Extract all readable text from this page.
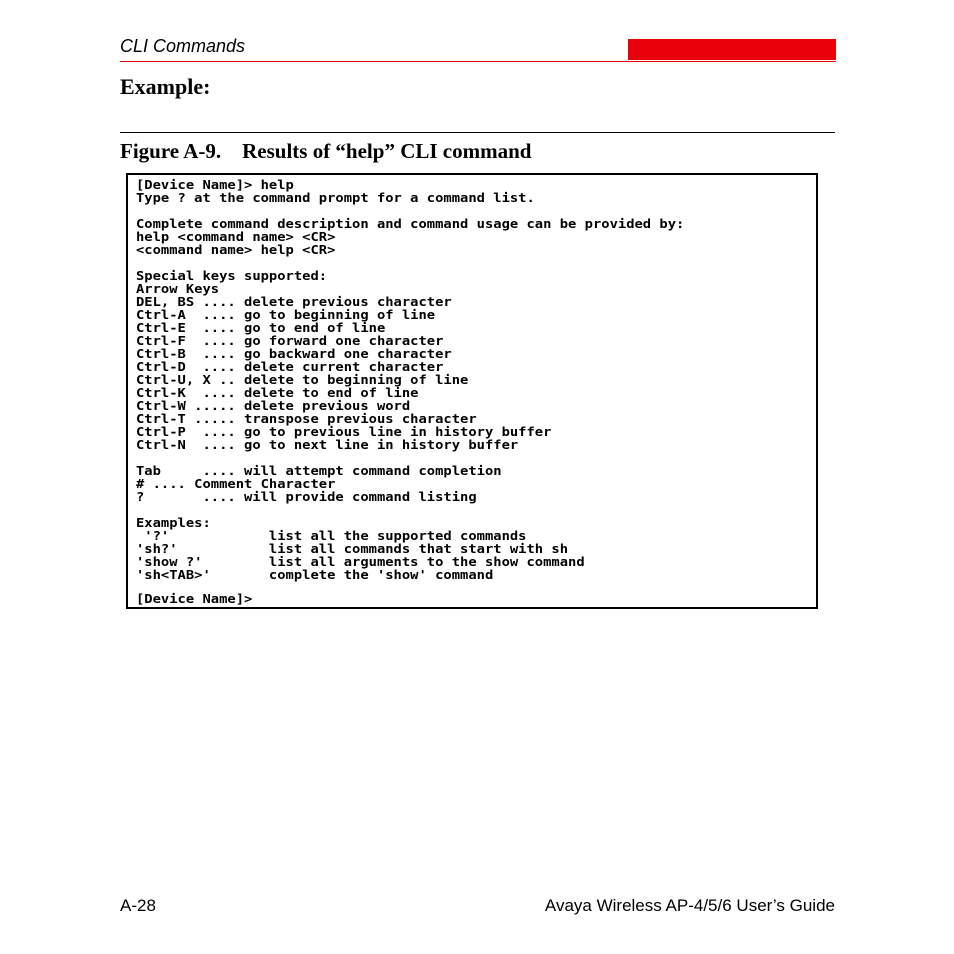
CLI Commands
Example:
Figure A-9.    Results of “help” CLI command
[Device Name]> help
Type ? at the command prompt for a command list.
Complete command description and command usage can be provided by:
help <command name> <CR>
<command name> help <CR>
Special keys supported:
Arrow Keys
DEL, BS .... delete previous character
Ctrl-A  .... go to beginning of line
Ctrl-E  .... go to end of line
Ctrl-F  .... go forward one character
Ctrl-B  .... go backward one character
Ctrl-D  .... delete current character
Ctrl-U, X .. delete to beginning of line
Ctrl-K  .... delete to end of line
Ctrl-W ..... delete previous word
Ctrl-T ..... transpose previous character
Ctrl-P  .... go to previous line in history buffer
Ctrl-N  .... go to next line in history buffer
Tab     .... will attempt command completion
# .... Comment Character
?       .... will provide command listing
Examples:
'?'            list all the supported commands
'sh?'           list all commands that start with sh
'show ?'        list all arguments to the show command
'sh<TAB>'       complete the 'show' command
[Device Name]>
A-28	Avaya Wireless AP-4/5/6 User’s Guide
